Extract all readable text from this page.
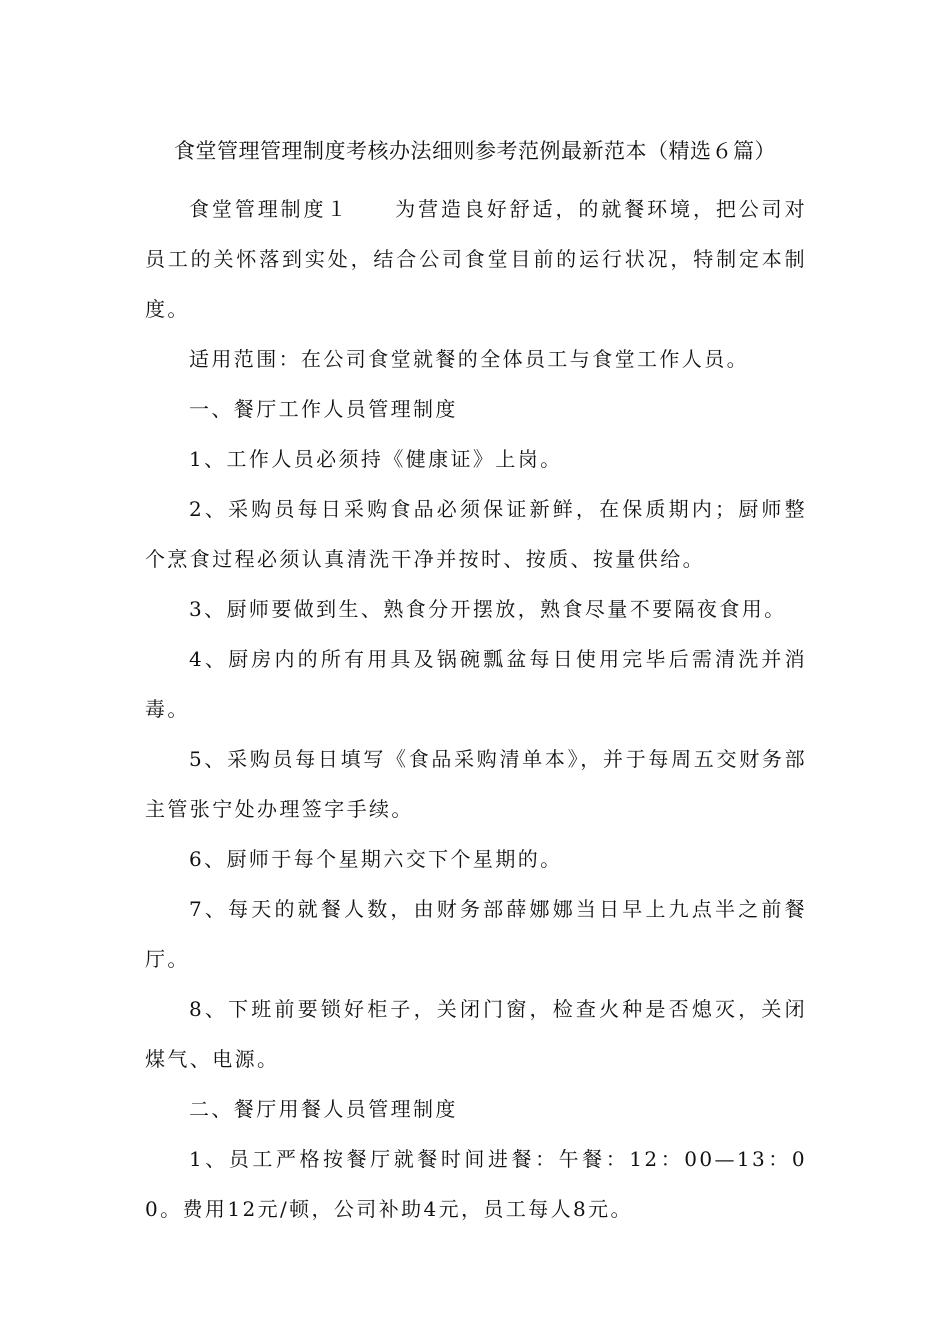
食堂管理管理制度考核办法细则参考范例最新范本（精选６篇）

食堂管理制度１　　为营造良好舒适，的就餐环境，把公司对员工的关怀落到实处，结合公司食堂目前的运行状况，特制定本制度。

适用范围：在公司食堂就餐的全体员工与食堂工作人员。

一、餐厅工作人员管理制度

1、工作人员必须持《健康证》上岗。

2、采购员每日采购食品必须保证新鲜，在保质期内；厨师整个烹食过程必须认真清洗干净并按时、按质、按量供给。

3、厨师要做到生、熟食分开摆放，熟食尽量不要隔夜食用。

4、厨房内的所有用具及锅碗瓢盆每日使用完毕后需清洗并消毒。

5、采购员每日填写《食品采购清单本》，并于每周五交财务部主管张宁处办理签字手续。

6、厨师于每个星期六交下个星期的。

7、每天的就餐人数，由财务部薛娜娜当日早上九点半之前餐厅。

8、下班前要锁好柜子，关闭门窗，检查火种是否熄灭，关闭煤气、电源。

二、餐厅用餐人员管理制度

1、员工严格按餐厅就餐时间进餐：午餐：12：00—13：00。费用12元/顿，公司补助4元，员工每人8元。
